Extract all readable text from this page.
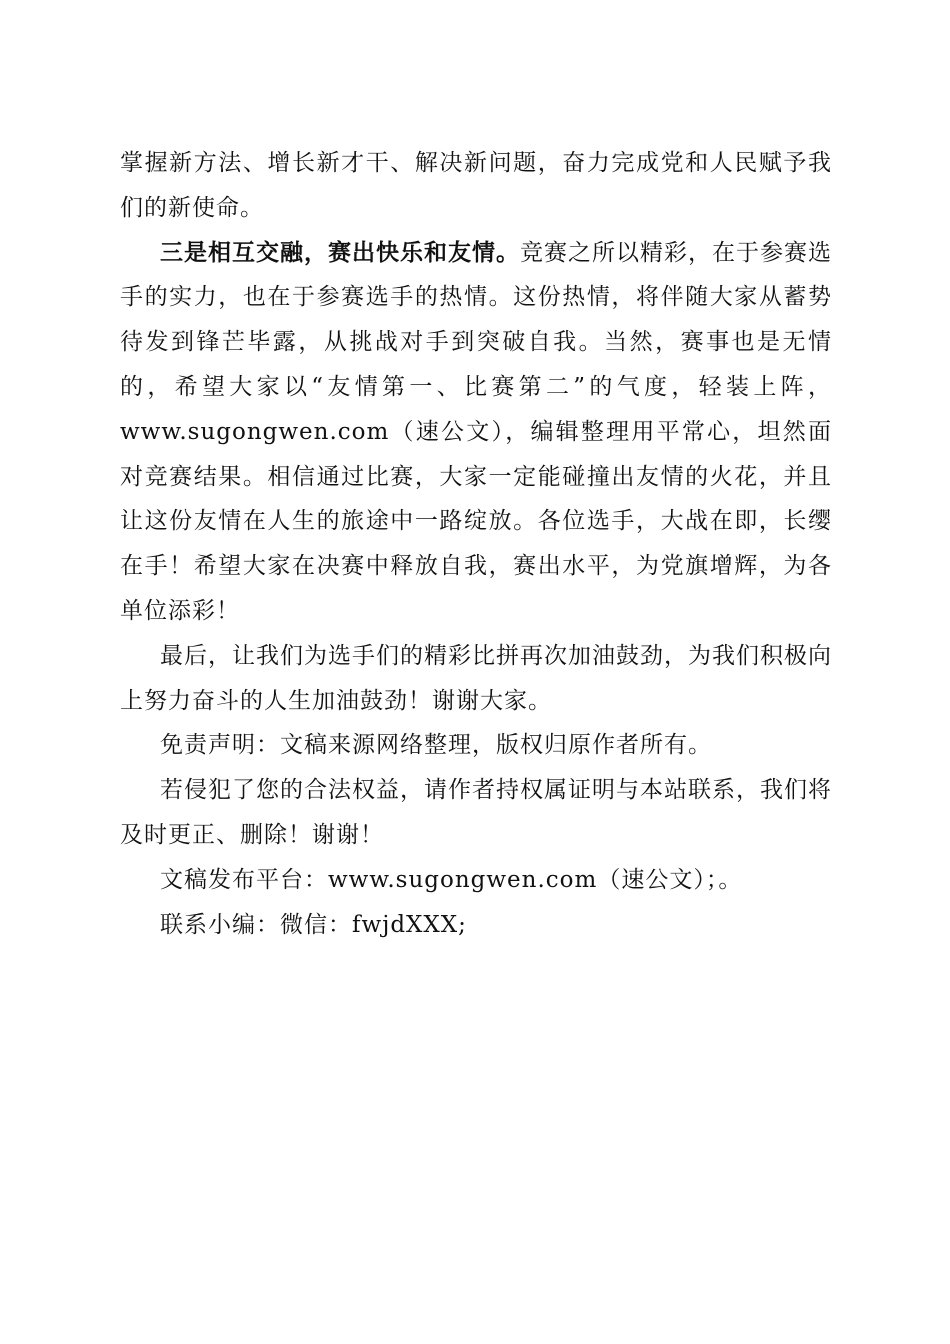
掌握新方法、增长新才干、解决新问题，奋力完成党和人民赋予我们的新使命。

三是相互交融，赛出快乐和友情。竞赛之所以精彩，在于参赛选手的实力，也在于参赛选手的热情。这份热情，将伴随大家从蓄势待发到锋芒毕露，从挑战对手到突破自我。当然，赛事也是无情的，希望大家以“友情第一、比赛第二”的气度，轻装上阵，www.sugongwen.com（速公文），编辑整理用平常心，坦然面对竞赛结果。相信通过比赛，大家一定能碰撞出友情的火花，并且让这份友情在人生的旅途中一路绽放。各位选手，大战在即，长缨在手！希望大家在决赛中释放自我，赛出水平，为党旗增辉，为各单位添彩！

最后，让我们为选手们的精彩比拼再次加油鼓劲，为我们积极向上努力奋斗的人生加油鼓劲！谢谢大家。

免责声明：文稿来源网络整理，版权归原作者所有。

若侵犯了您的合法权益，请作者持权属证明与本站联系，我们将及时更正、删除！谢谢！

文稿发布平台：www.sugongwen.com（速公文）；。

联系小编：微信：fwjdXXX;
